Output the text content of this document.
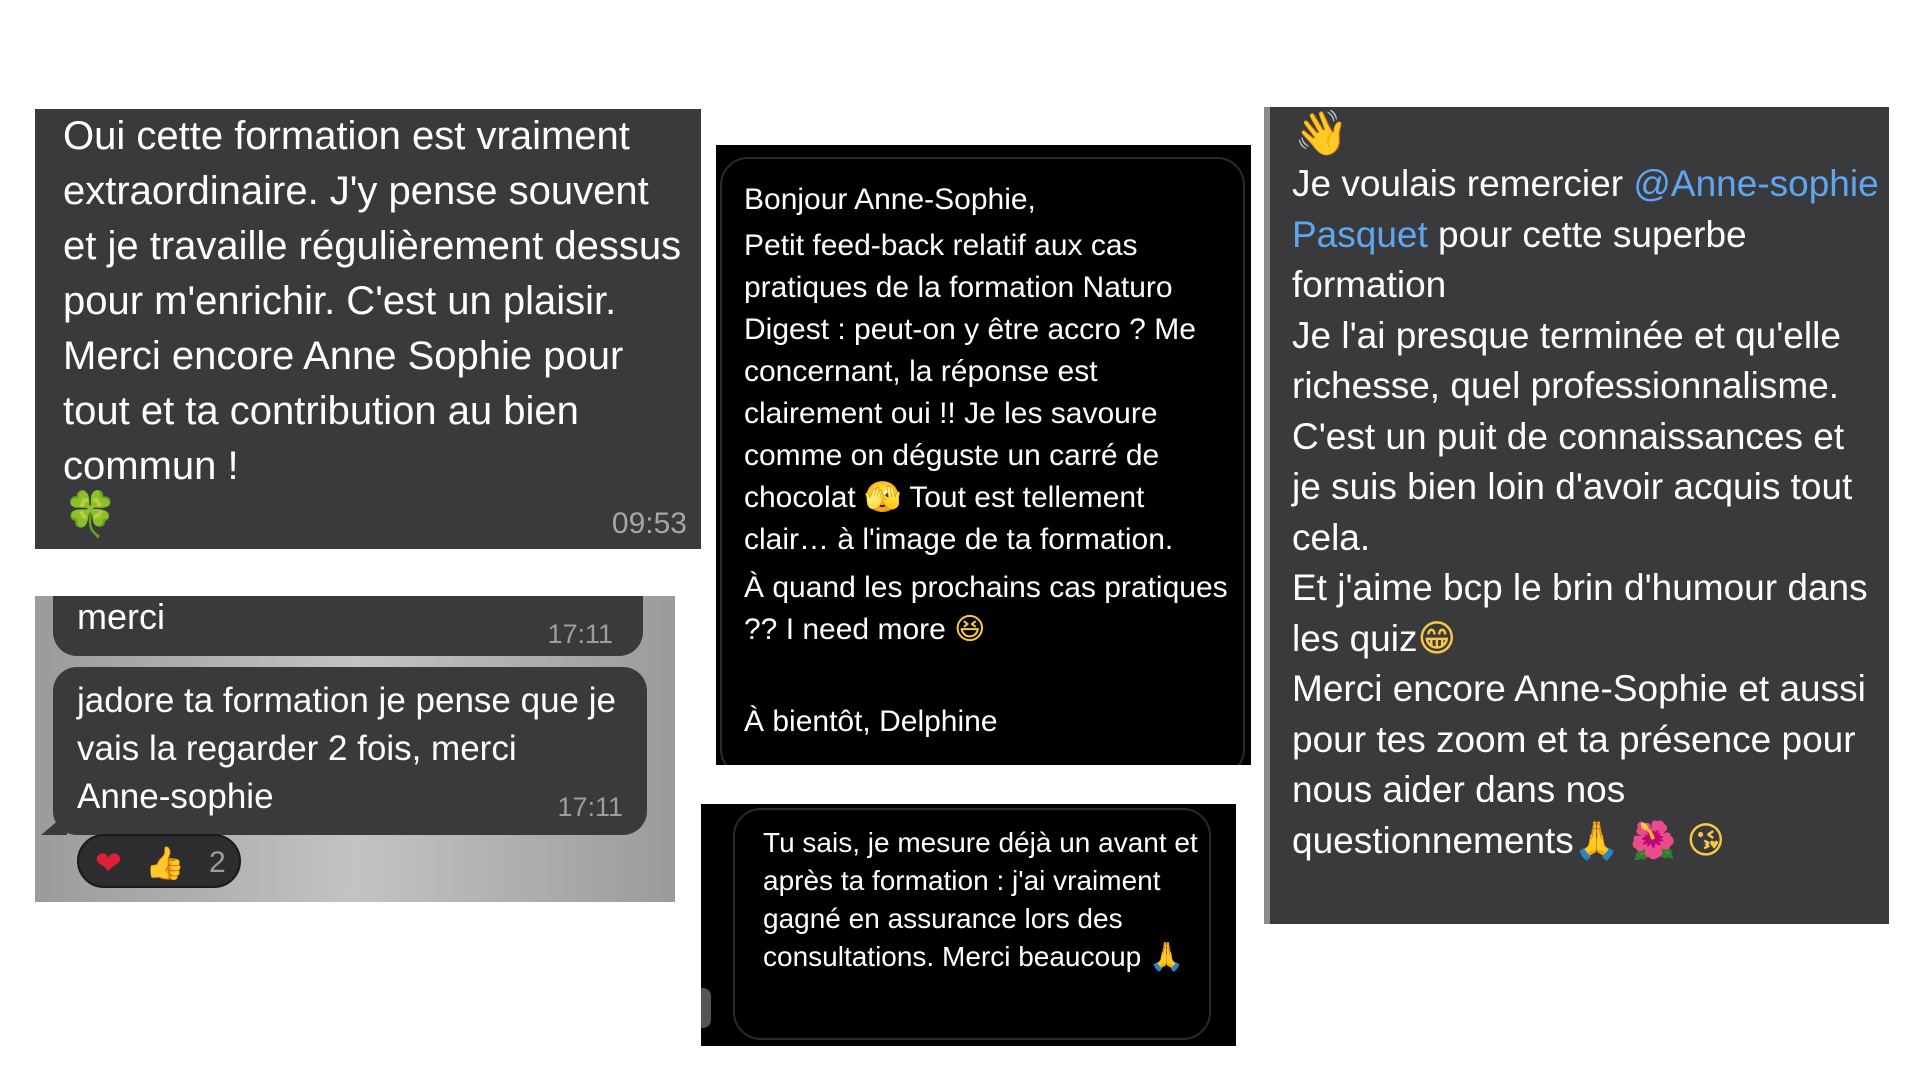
Oui cette formation est vraiment extraordinaire. J'y pense souvent et je travaille régulièrement dessus pour m'enrichir. C'est un plaisir. Merci encore Anne Sophie pour tout et ta contribution au bien commun !
🍀	09:53
merci	17:11
jadore ta formation je pense que je vais la regarder 2 fois, merci Anne-sophie	17:11
❤ 👍 2
Bonjour Anne-Sophie,
Petit feed-back relatif aux cas pratiques de la formation Naturo Digest : peut-on y être accro ? Me concernant, la réponse est clairement oui !! Je les savoure comme on déguste un carré de chocolat 🫣 Tout est tellement clair… à l'image de ta formation.
À quand les prochains cas pratiques ?? I need more 😆
À bientôt, Delphine
Tu sais, je mesure déjà un avant et après ta formation : j'ai vraiment gagné en assurance lors des consultations. Merci beaucoup 🙏
👋
Je voulais remercier @Anne-sophie Pasquet pour cette superbe formation
Je l'ai presque terminée et qu'elle richesse, quel professionnalisme.
C'est un puit de connaissances et je suis bien loin d'avoir acquis tout cela.
Et j'aime bcp le brin d'humour dans les quiz😁
Merci encore Anne-Sophie et aussi pour tes zoom et ta présence pour nous aider dans nos questionnements🙏 🌺 😘
